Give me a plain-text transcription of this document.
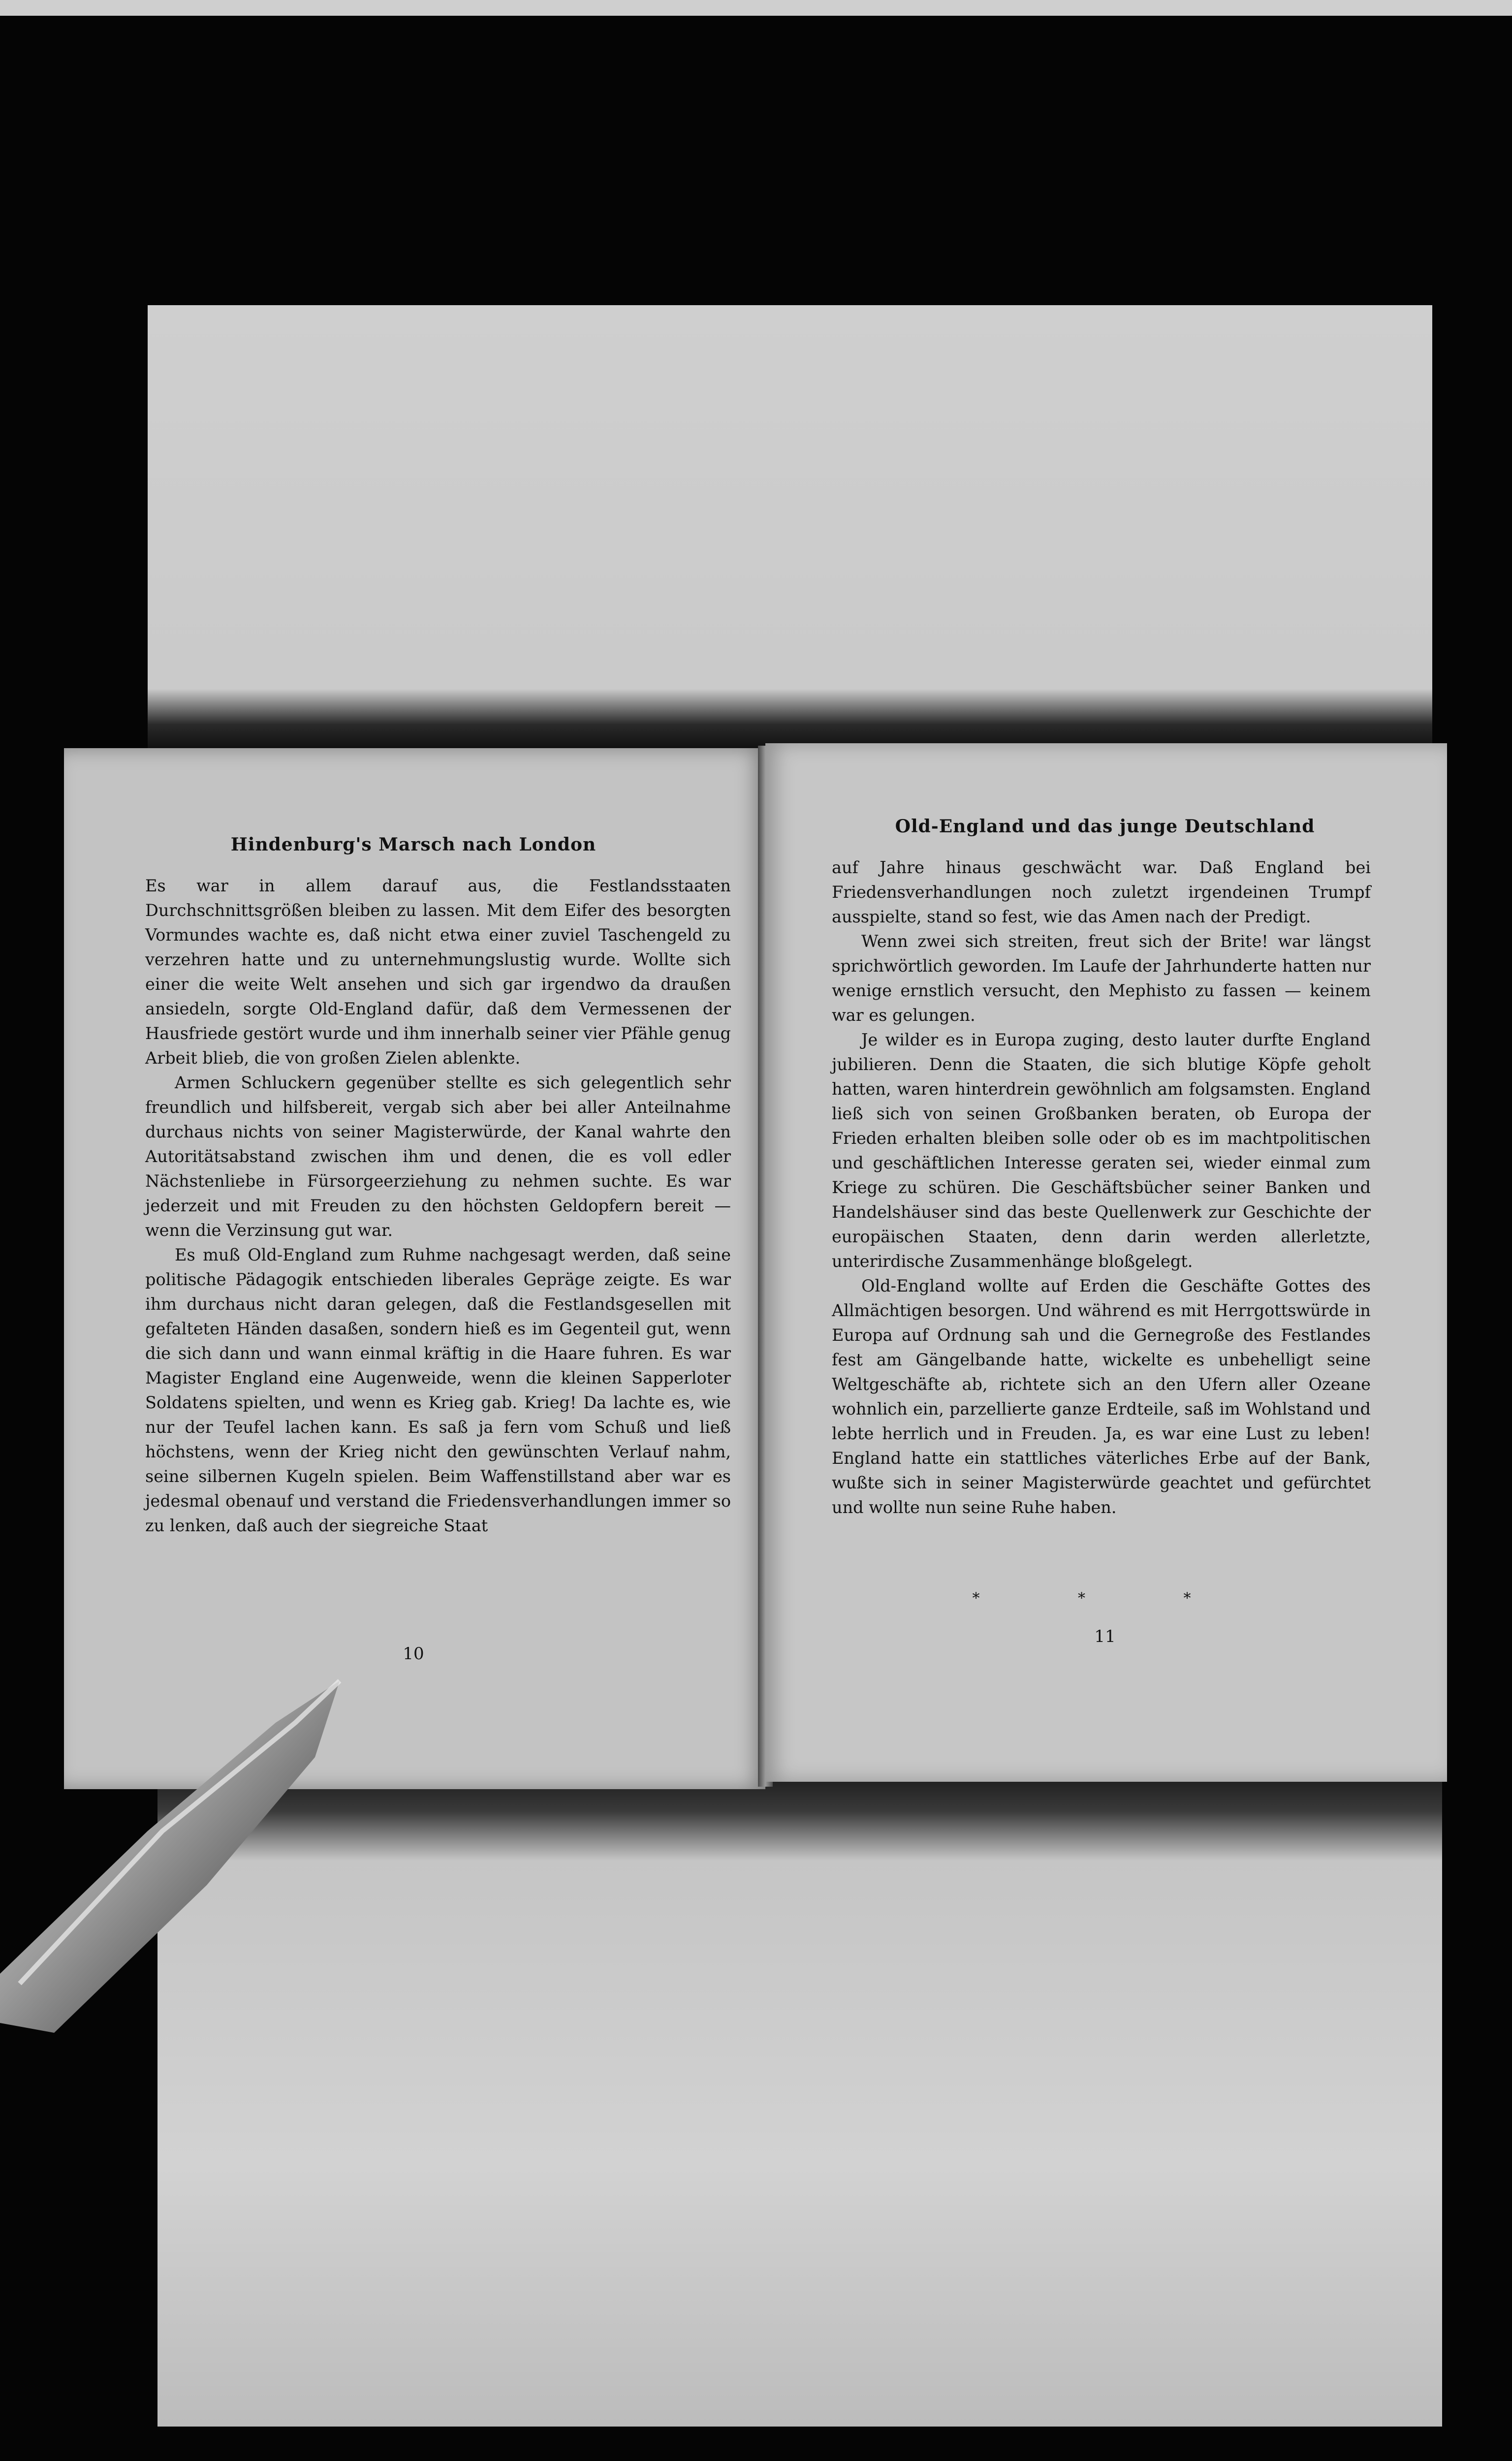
Hindenburg's Marsch nach London

Es war in allem darauf aus, die Festlandsstaaten Durchschnittsgrößen bleiben zu lassen. Mit dem Eifer des besorgten Vormundes wachte es, daß nicht etwa einer zuviel Taschengeld zu verzehren hatte und zu unternehmungslustig wurde. Wollte sich einer die weite Welt ansehen und sich gar irgendwo da draußen ansiedeln, sorgte Old-England dafür, daß dem Vermessenen der Hausfriede gestört wurde und ihm innerhalb seiner vier Pfähle genug Arbeit blieb, die von großen Zielen ablenkte.

Armen Schluckern gegenüber stellte es sich gelegentlich sehr freundlich und hilfsbereit, vergab sich aber bei aller Anteilnahme durchaus nichts von seiner Magisterwürde, der Kanal wahrte den Autoritätsabstand zwischen ihm und denen, die es voll edler Nächstenliebe in Fürsorgeerziehung zu nehmen suchte. Es war jederzeit und mit Freuden zu den höchsten Geldopfern bereit — wenn die Verzinsung gut war.

Es muß Old-England zum Ruhme nachgesagt werden, daß seine politische Pädagogik entschieden liberales Gepräge zeigte. Es war ihm durchaus nicht daran gelegen, daß die Festlandsgesellen mit gefalteten Händen dasaßen, sondern hieß es im Gegenteil gut, wenn die sich dann und wann einmal kräftig in die Haare fuhren. Es war Magister England eine Augenweide, wenn die kleinen Sapperloter Soldatens spielten, und wenn es Krieg gab. Krieg! Da lachte es, wie nur der Teufel lachen kann. Es saß ja fern vom Schuß und ließ höchstens, wenn der Krieg nicht den gewünschten Verlauf nahm, seine silbernen Kugeln spielen. Beim Waffenstillstand aber war es jedesmal obenauf und verstand die Friedensverhandlungen immer so zu lenken, daß auch der siegreiche Staat

10
Old-England und das junge Deutschland

auf Jahre hinaus geschwächt war. Daß England bei Friedensverhandlungen noch zuletzt irgendeinen Trumpf ausspielte, stand so fest, wie das Amen nach der Predigt.

Wenn zwei sich streiten, freut sich der Brite! war längst sprichwörtlich geworden. Im Laufe der Jahrhunderte hatten nur wenige ernstlich versucht, den Mephisto zu fassen — keinem war es gelungen.

Je wilder es in Europa zuging, desto lauter durfte England jubilieren. Denn die Staaten, die sich blutige Köpfe geholt hatten, waren hinterdrein gewöhnlich am folgsamsten. England ließ sich von seinen Großbanken beraten, ob Europa der Frieden erhalten bleiben solle oder ob es im machtpolitischen und geschäftlichen Interesse geraten sei, wieder einmal zum Kriege zu schüren. Die Geschäftsbücher seiner Banken und Handelshäuser sind das beste Quellenwerk zur Geschichte der europäischen Staaten, denn darin werden allerletzte, unterirdische Zusammenhänge bloßgelegt.

Old-England wollte auf Erden die Geschäfte Gottes des Allmächtigen besorgen. Und während es mit Herrgottswürde in Europa auf Ordnung sah und die Gernegroße des Festlandes fest am Gängelbande hatte, wickelte es unbehelligt seine Weltgeschäfte ab, richtete sich an den Ufern aller Ozeane wohnlich ein, parzellierte ganze Erdteile, saß im Wohlstand und lebte herrlich und in Freuden. Ja, es war eine Lust zu leben! England hatte ein stattliches väterliches Erbe auf der Bank, wußte sich in seiner Magisterwürde geachtet und gefürchtet und wollte nun seine Ruhe haben.

* * *
11
